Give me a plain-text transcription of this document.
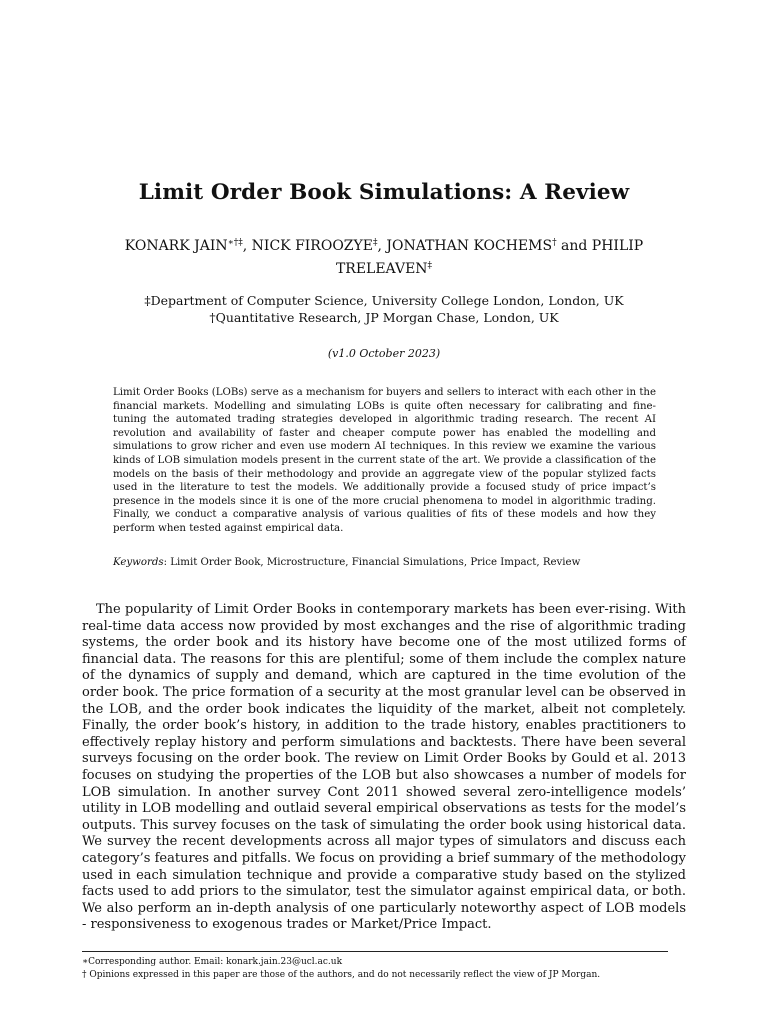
Limit Order Book Simulations: A Review
KONARK JAIN∗†‡, NICK FIROOZYE‡, JONATHAN KOCHEMS† and PHILIP TRELEAVEN‡
‡Department of Computer Science, University College London, London, UK
†Quantitative Research, JP Morgan Chase, London, UK
(v1.0 October 2023)
Limit Order Books (LOBs) serve as a mechanism for buyers and sellers to interact with each other in the financial markets. Modelling and simulating LOBs is quite often necessary for calibrating and fine-tuning the automated trading strategies developed in algorithmic trading research. The recent AI revolution and availability of faster and cheaper compute power has enabled the modelling and simulations to grow richer and even use modern AI techniques. In this review we examine the various kinds of LOB simulation models present in the current state of the art. We provide a classification of the models on the basis of their methodology and provide an aggregate view of the popular stylized facts used in the literature to test the models. We additionally provide a focused study of price impact’s presence in the models since it is one of the more crucial phenomena to model in algorithmic trading. Finally, we conduct a comparative analysis of various qualities of fits of these models and how they perform when tested against empirical data.
Keywords: Limit Order Book, Microstructure, Financial Simulations, Price Impact, Review
The popularity of Limit Order Books in contemporary markets has been ever-rising. With real-time data access now provided by most exchanges and the rise of algorithmic trading systems, the order book and its history have become one of the most utilized forms of financial data. The reasons for this are plentiful; some of them include the complex nature of the dynamics of supply and demand, which are captured in the time evolution of the order book. The price formation of a security at the most granular level can be observed in the LOB, and the order book indicates the liquidity of the market, albeit not completely. Finally, the order book’s history, in addition to the trade history, enables practitioners to effectively replay history and perform simulations and backtests. There have been several surveys focusing on the order book. The review on Limit Order Books by Gould et al. 2013 focuses on studying the properties of the LOB but also showcases a number of models for LOB simulation. In another survey Cont 2011 showed several zero-intelligence models’ utility in LOB modelling and outlaid several empirical observations as tests for the model’s outputs. This survey focuses on the task of simulating the order book using historical data. We survey the recent developments across all major types of simulators and discuss each category’s features and pitfalls. We focus on providing a brief summary of the methodology used in each simulation technique and provide a comparative study based on the stylized facts used to add priors to the simulator, test the simulator against empirical data, or both. We also perform an in-depth analysis of one particularly noteworthy aspect of LOB models - responsiveness to exogenous trades or Market/Price Impact.
∗Corresponding author. Email: konark.jain.23@ucl.ac.uk
† Opinions expressed in this paper are those of the authors, and do not necessarily reflect the view of JP Morgan.
